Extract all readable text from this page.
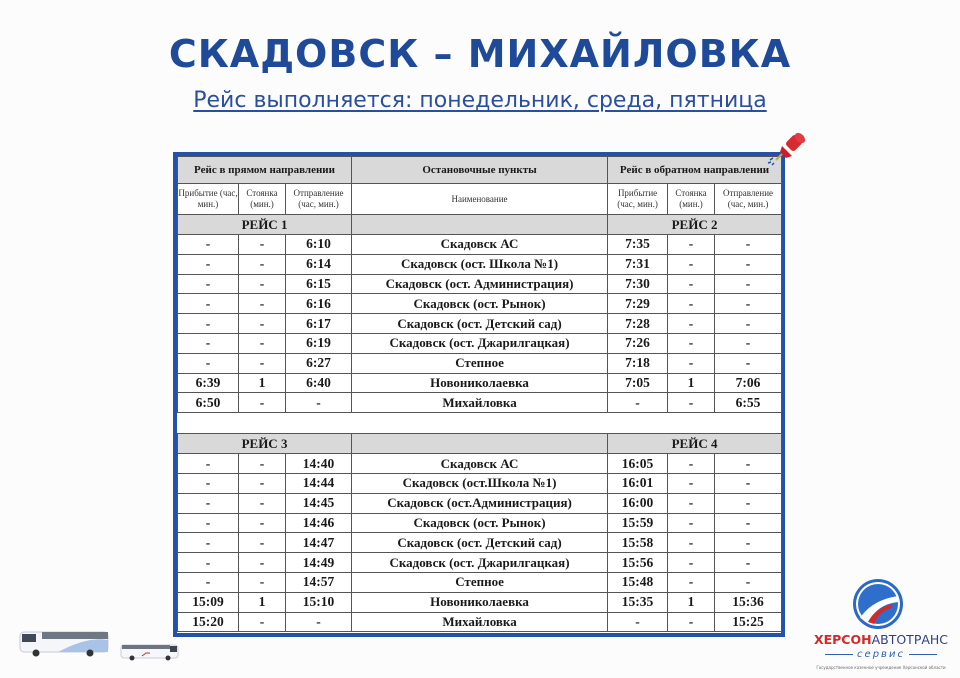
СКАДОВСК – МИХАЙЛОВКА
Рейс выполняется: понедельник, среда, пятница
Рейс в прямом направлении			Остановочные пункты	Рейс в обратном направлении		
Прибытие (час, мин.)	Стоянка (мин.)	Отправление (час, мин.)	Наименование	Прибытие (час, мин.)	Стоянка (мин.)	Отправление (час, мин.)
РЕЙС 1				РЕЙС 2		
-	-	6:10	Скадовск АС	7:35	-	-
-	-	6:14	Скадовск (ост. Школа №1)	7:31	-	-
-	-	6:15	Скадовск (ост. Администрация)	7:30	-	-
-	-	6:16	Скадовск (ост. Рынок)	7:29	-	-
-	-	6:17	Скадовск (ост. Детский сад)	7:28	-	-
-	-	6:19	Скадовск (ост. Джарилгацкая)	7:26	-	-
-	-	6:27	Степное	7:18	-	-
6:39	1	6:40	Новониколаевка	7:05	1	7:06
6:50	-	-	Михайловка	-	-	6:55

РЕЙС 3				РЕЙС 4		
-	-	14:40	Скадовск АС	16:05	-	-
-	-	14:44	Скадовск (ост.Школа №1)	16:01	-	-
-	-	14:45	Скадовск (ост.Администрация)	16:00	-	-
-	-	14:46	Скадовск (ост. Рынок)	15:59	-	-
-	-	14:47	Скадовск (ост. Детский сад)	15:58	-	-
-	-	14:49	Скадовск (ост. Джарилгацкая)	15:56	-	-
-	-	14:57	Степное	15:48	-	-
15:09	1	15:10	Новониколаевка	15:35	1	15:36
15:20	-	-	Михайловка	-	-	15:25
ХЕРСОНАВТОТРАНС
сервис
Государственное казенное учреждение Херсонской области
